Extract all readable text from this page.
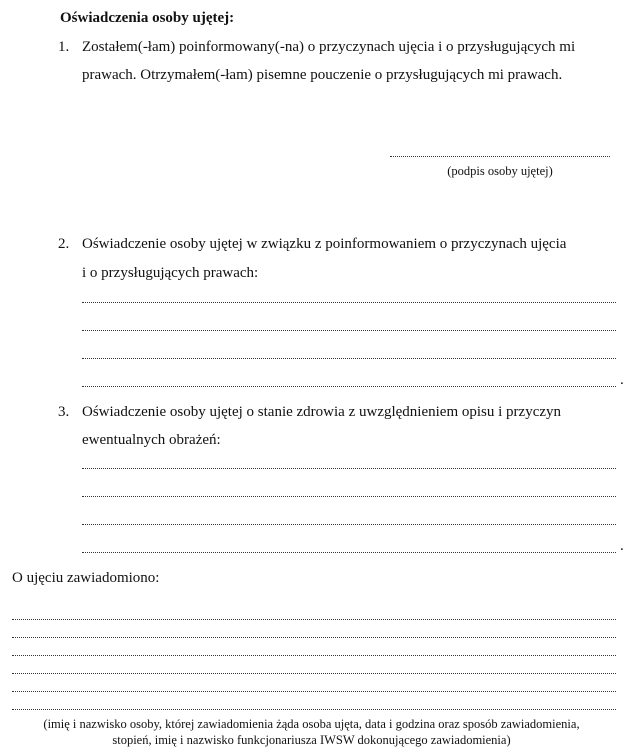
Oświadczenia osoby ujętej:
1. Zostałem(-łam) poinformowany(-na) o przyczynach ujęcia i o przysługujących mi
prawach. Otrzymałem(-łam) pisemne pouczenie o przysługujących mi prawach.
(podpis osoby ujętej)
2. Oświadczenie osoby ujętej w związku z poinformowaniem o przyczynach ujęcia
i o przysługujących prawach:
.
3. Oświadczenie osoby ujętej o stanie zdrowia z uwzględnieniem opisu i przyczyn
ewentualnych obrażeń:
.
O ujęciu zawiadomiono:
(imię i nazwisko osoby, której zawiadomienia żąda osoba ujęta, data i godzina oraz sposób zawiadomienia,
stopień, imię i nazwisko funkcjonariusza IWSW dokonującego zawiadomienia)
